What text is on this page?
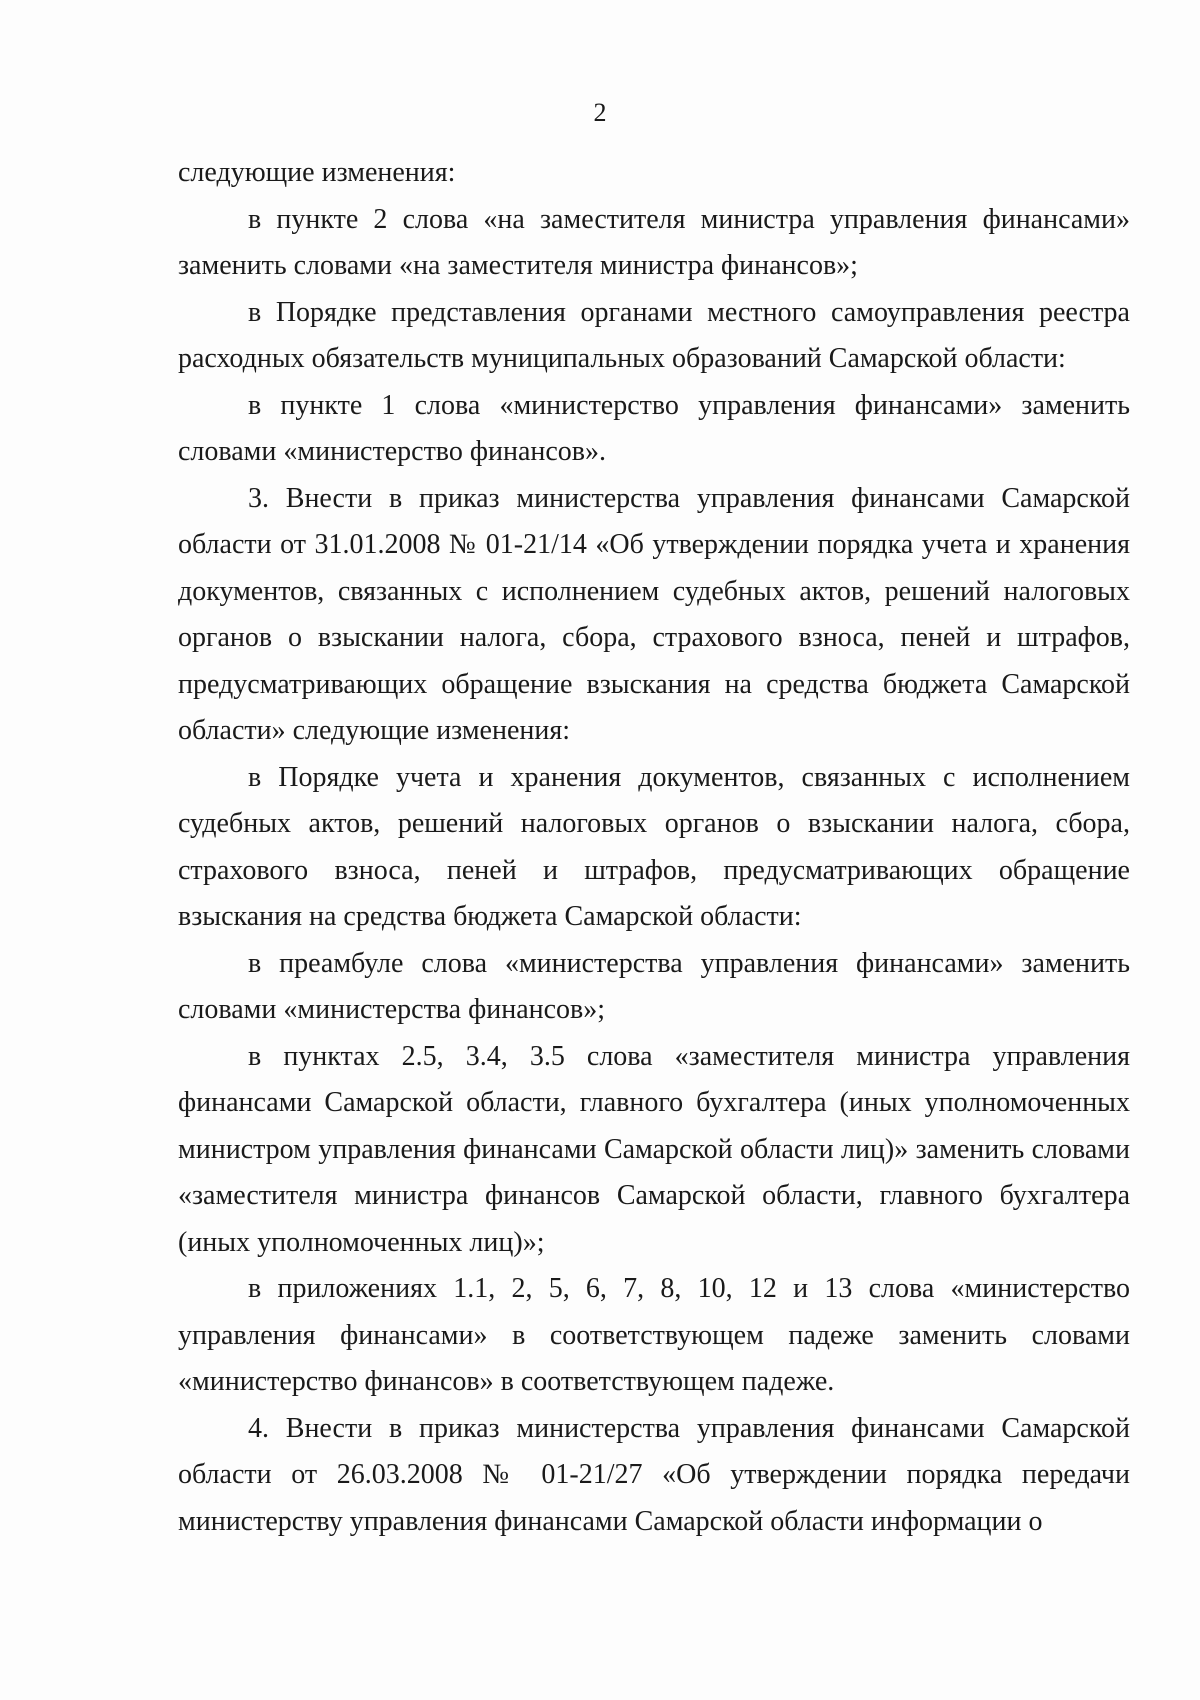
2

следующие изменения:

в пункте 2 слова «на заместителя министра управления финансами» заменить словами «на заместителя министра финансов»;

в Порядке представления органами местного самоуправления реестра расходных обязательств муниципальных образований Самарской области:

в пункте 1 слова «министерство управления финансами» заменить словами «министерство финансов».

3. Внести в приказ министерства управления финансами Самарской области от 31.01.2008 № 01-21/14 «Об утверждении порядка учета и хранения документов, связанных с исполнением судебных актов, решений налоговых органов о взыскании налога, сбора, страхового взноса, пеней и штрафов, предусматривающих обращение взыскания на средства бюджета Самарской области» следующие изменения:

в Порядке учета и хранения документов, связанных с исполнением судебных актов, решений налоговых органов о взыскании налога, сбора, страхового взноса, пеней и штрафов, предусматривающих обращение взыскания на средства бюджета Самарской области:

в преамбуле слова «министерства управления финансами» заменить словами «министерства финансов»;

в пунктах 2.5, 3.4, 3.5 слова «заместителя министра управления финансами Самарской области, главного бухгалтера (иных уполномоченных министром управления финансами Самарской области лиц)» заменить словами «заместителя министра финансов Самарской области, главного бухгалтера (иных уполномоченных лиц)»;

в приложениях 1.1, 2, 5, 6, 7, 8, 10, 12 и 13 слова «министерство управления финансами» в соответствующем падеже заменить словами «министерство финансов» в соответствующем падеже.

4. Внести в приказ министерства управления финансами Самарской области от 26.03.2008 № 01-21/27 «Об утверждении порядка передачи министерству управления финансами Самарской области информации о
